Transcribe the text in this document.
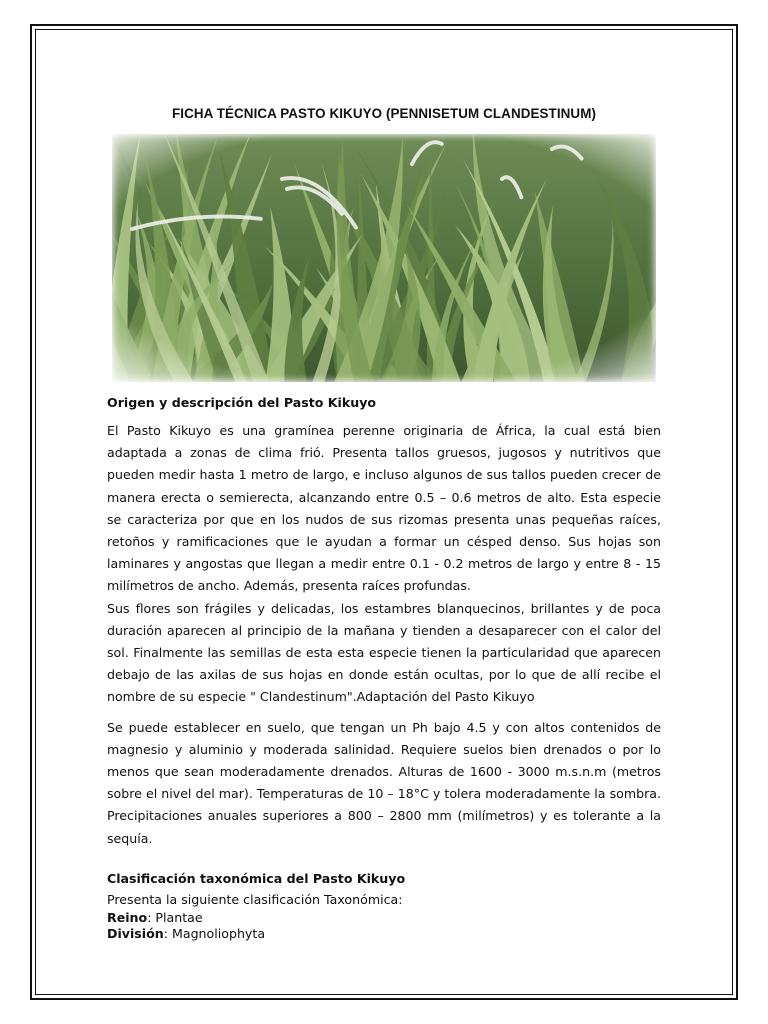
FICHA TÉCNICA PASTO KIKUYO (PENNISETUM CLANDESTINUM)

Origen y descripción del Pasto Kikuyo

El Pasto Kikuyo es una gramínea perenne originaria de África, la cual está bien adaptada a zonas de clima frió. Presenta tallos gruesos, jugosos y nutritivos que pueden medir hasta 1 metro de largo, e incluso algunos de sus tallos pueden crecer de manera erecta o semierecta, alcanzando entre 0.5 – 0.6 metros de alto. Esta especie se caracteriza por que en los nudos de sus rizomas presenta unas pequeñas raíces, retoños y ramificaciones que le ayudan a formar un césped denso. Sus hojas son laminares y angostas que llegan a medir entre 0.1 - 0.2 metros de largo y entre 8 - 15 milímetros de ancho. Además, presenta raíces profundas.

Sus flores son frágiles y delicadas, los estambres blanquecinos, brillantes y de poca duración aparecen al principio de la mañana y tienden a desaparecer con el calor del sol. Finalmente las semillas de esta esta especie tienen la particularidad que aparecen debajo de las axilas de sus hojas en donde están ocultas, por lo que de allí recibe el nombre de su especie " Clandestinum".Adaptación del Pasto Kikuyo

Se puede establecer en suelo, que tengan un Ph bajo 4.5 y con altos contenidos de magnesio y aluminio y moderada salinidad. Requiere suelos bien drenados o por lo menos que sean moderadamente drenados. Alturas de 1600 - 3000 m.s.n.m (metros sobre el nivel del mar). Temperaturas de 10 – 18°C y tolera moderadamente la sombra. Precipitaciones anuales superiores a 800 – 2800 mm (milímetros) y es tolerante a la sequía.

Clasificación taxonómica del Pasto Kikuyo

Presenta la siguiente clasificación Taxonómica:

Reino: Plantae

División: Magnoliophyta
